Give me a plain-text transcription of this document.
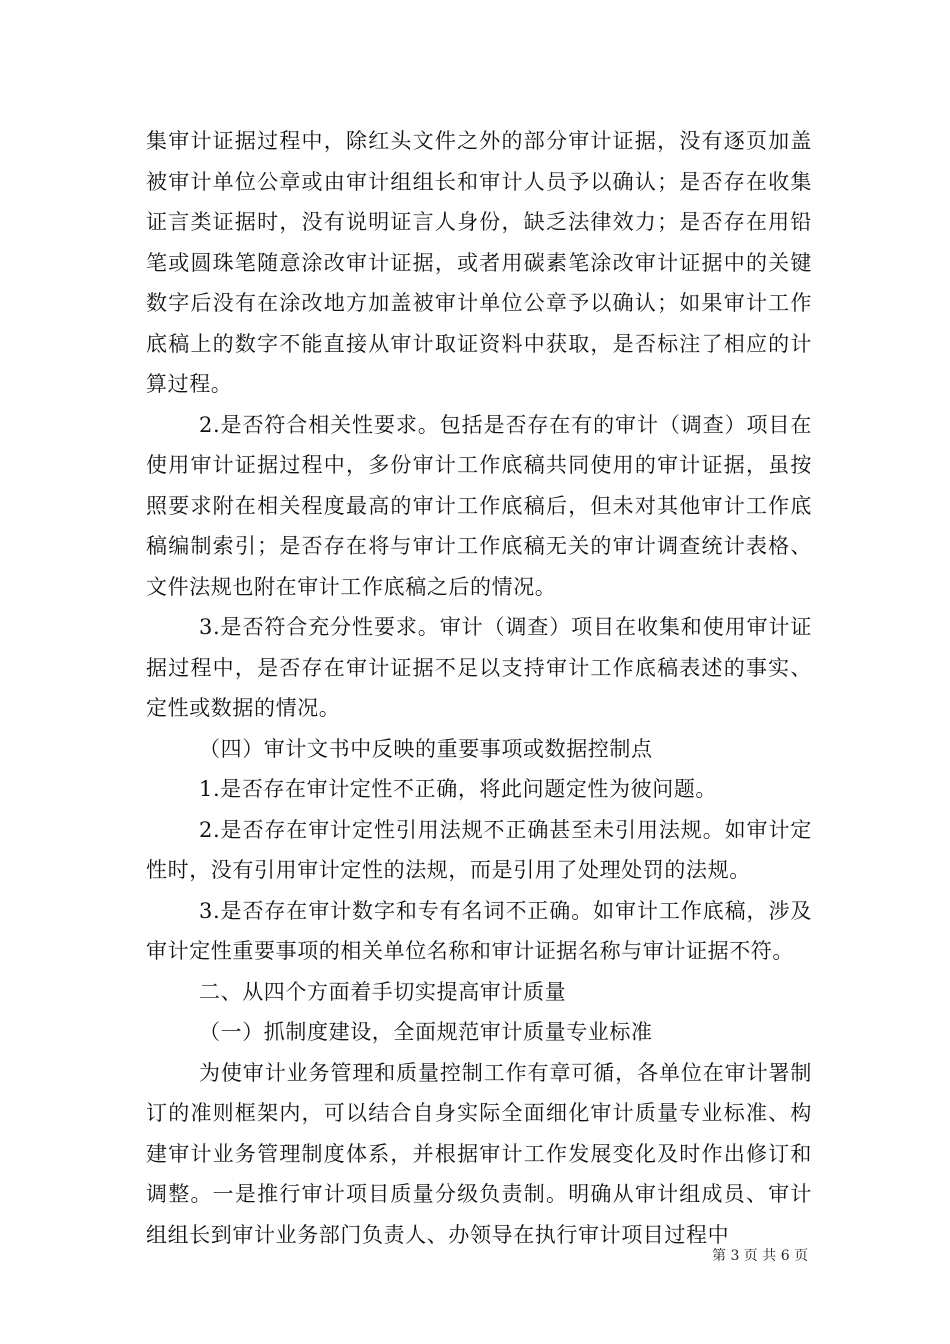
集审计证据过程中，除红头文件之外的部分审计证据，没有逐页加盖被审计单位公章或由审计组组长和审计人员予以确认；是否存在收集证言类证据时，没有说明证言人身份，缺乏法律效力；是否存在用铅笔或圆珠笔随意涂改审计证据，或者用碳素笔涂改审计证据中的关键数字后没有在涂改地方加盖被审计单位公章予以确认；如果审计工作底稿上的数字不能直接从审计取证资料中获取，是否标注了相应的计算过程。

2.是否符合相关性要求。包括是否存在有的审计（调查）项目在使用审计证据过程中，多份审计工作底稿共同使用的审计证据，虽按照要求附在相关程度最高的审计工作底稿后，但未对其他审计工作底稿编制索引；是否存在将与审计工作底稿无关的审计调查统计表格、文件法规也附在审计工作底稿之后的情况。

3.是否符合充分性要求。审计（调查）项目在收集和使用审计证据过程中，是否存在审计证据不足以支持审计工作底稿表述的事实、定性或数据的情况。

（四）审计文书中反映的重要事项或数据控制点

1.是否存在审计定性不正确，将此问题定性为彼问题。

2.是否存在审计定性引用法规不正确甚至未引用法规。如审计定性时，没有引用审计定性的法规，而是引用了处理处罚的法规。

3.是否存在审计数字和专有名词不正确。如审计工作底稿，涉及审计定性重要事项的相关单位名称和审计证据名称与审计证据不符。

二、从四个方面着手切实提高审计质量

（一）抓制度建设，全面规范审计质量专业标准

为使审计业务管理和质量控制工作有章可循，各单位在审计署制订的准则框架内，可以结合自身实际全面细化审计质量专业标准、构建审计业务管理制度体系，并根据审计工作发展变化及时作出修订和调整。一是推行审计项目质量分级负责制。明确从审计组成员、审计组组长到审计业务部门负责人、办领导在执行审计项目过程中

第 3 页 共 6 页
